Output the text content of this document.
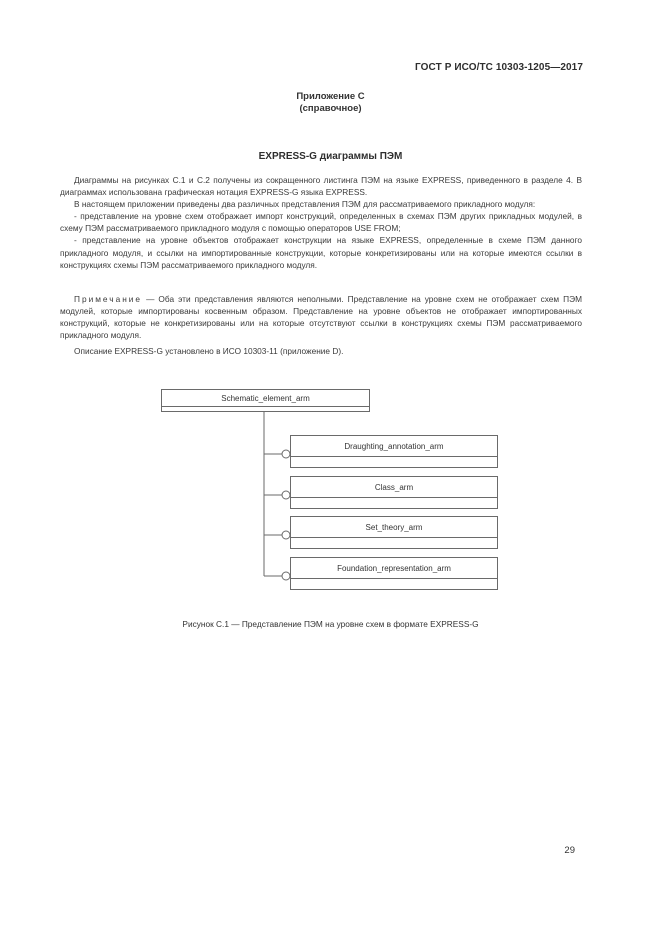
ГОСТ Р ИСО/ТС 10303-1205—2017
Приложение С
(справочное)
EXPRESS-G диаграммы ПЭМ

Диаграммы на рисунках С.1 и С.2 получены из сокращенного листинга ПЭМ на языке EXPRESS, приведенного в разделе 4. В диаграммах использована графическая нотация EXPRESS-G языка EXPRESS.

В настоящем приложении приведены два различных представления ПЭМ для рассматриваемого прикладного модуля:

- представление на уровне схем отображает импорт конструкций, определенных в схемах ПЭМ других прикладных модулей, в схему ПЭМ рассматриваемого прикладного модуля с помощью операторов USE FROM;

- представление на уровне объектов отображает конструкции на языке EXPRESS, определенные в схеме ПЭМ данного прикладного модуля, и ссылки на импортированные конструкции, которые конкретизированы или на которые имеются ссылки в конструкциях схемы ПЭМ рассматриваемого прикладного модуля.

Примечание — Оба эти представления являются неполными. Представление на уровне схем не отображает схем ПЭМ модулей, которые импортированы косвенным образом. Представление на уровне объектов не отображает импортированных конструкций, которые не конкретизированы или на которые отсутствуют ссылки в конструкциях схемы ПЭМ рассматриваемого прикладного модуля.

Описание EXPRESS-G установлено в ИСО 10303-11 (приложение D).

Schematic_element_arm
Draughting_annotation_arm
Class_arm
Set_theory_arm
Foundation_representation_arm
Рисунок С.1 — Представление ПЭМ на уровне схем в формате EXPRESS-G
29
